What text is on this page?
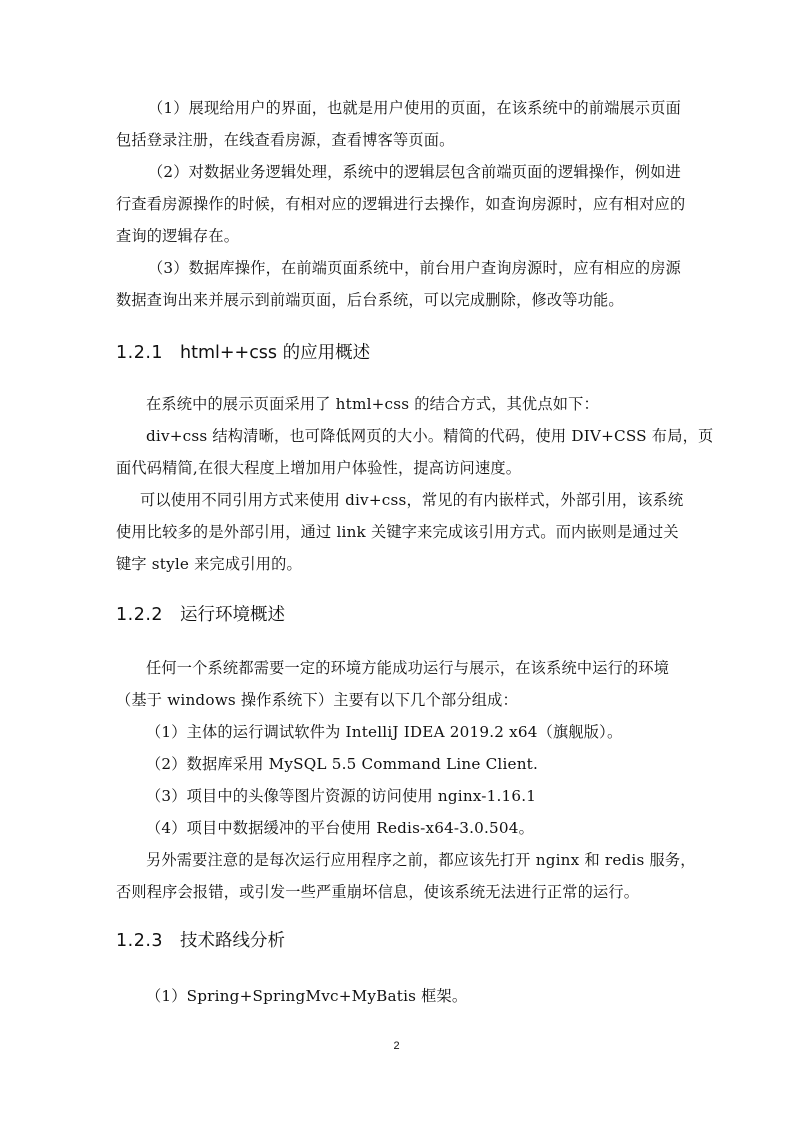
（1）展现给用户的界面，也就是用户使用的页面，在该系统中的前端展示页面
包括登录注册，在线查看房源，查看博客等页面。
（2）对数据业务逻辑处理，系统中的逻辑层包含前端页面的逻辑操作，例如进
行查看房源操作的时候，有相对应的逻辑进行去操作，如查询房源时，应有相对应的
查询的逻辑存在。
（3）数据库操作，在前端页面系统中，前台用户查询房源时，应有相应的房源
数据查询出来并展示到前端页面，后台系统，可以完成删除，修改等功能。
1.2.1 html++css 的应用概述
在系统中的展示页面采用了 html+css 的结合方式，其优点如下：
div+css 结构清晰，也可降低网页的大小。精简的代码，使用 DIV+CSS 布局，页
面代码精简,在很大程度上增加用户体验性，提高访问速度。
可以使用不同引用方式来使用 div+css，常见的有内嵌样式，外部引用，该系统
使用比较多的是外部引用，通过 link 关键字来完成该引用方式。而内嵌则是通过关
键字 style 来完成引用的。
1.2.2 运行环境概述
任何一个系统都需要一定的环境方能成功运行与展示，在该系统中运行的环境
（基于 windows 操作系统下）主要有以下几个部分组成：
（1）主体的运行调试软件为 IntelliJ IDEA 2019.2 x64（旗舰版）。
（2）数据库采用 MySQL 5.5 Command Line Client.
（3）项目中的头像等图片资源的访问使用 nginx-1.16.1
（4）项目中数据缓冲的平台使用 Redis-x64-3.0.504。
另外需要注意的是每次运行应用程序之前，都应该先打开 nginx 和 redis 服务，
否则程序会报错，或引发一些严重崩坏信息，使该系统无法进行正常的运行。
1.2.3 技术路线分析
（1）Spring+SpringMvc+MyBatis 框架。
2
